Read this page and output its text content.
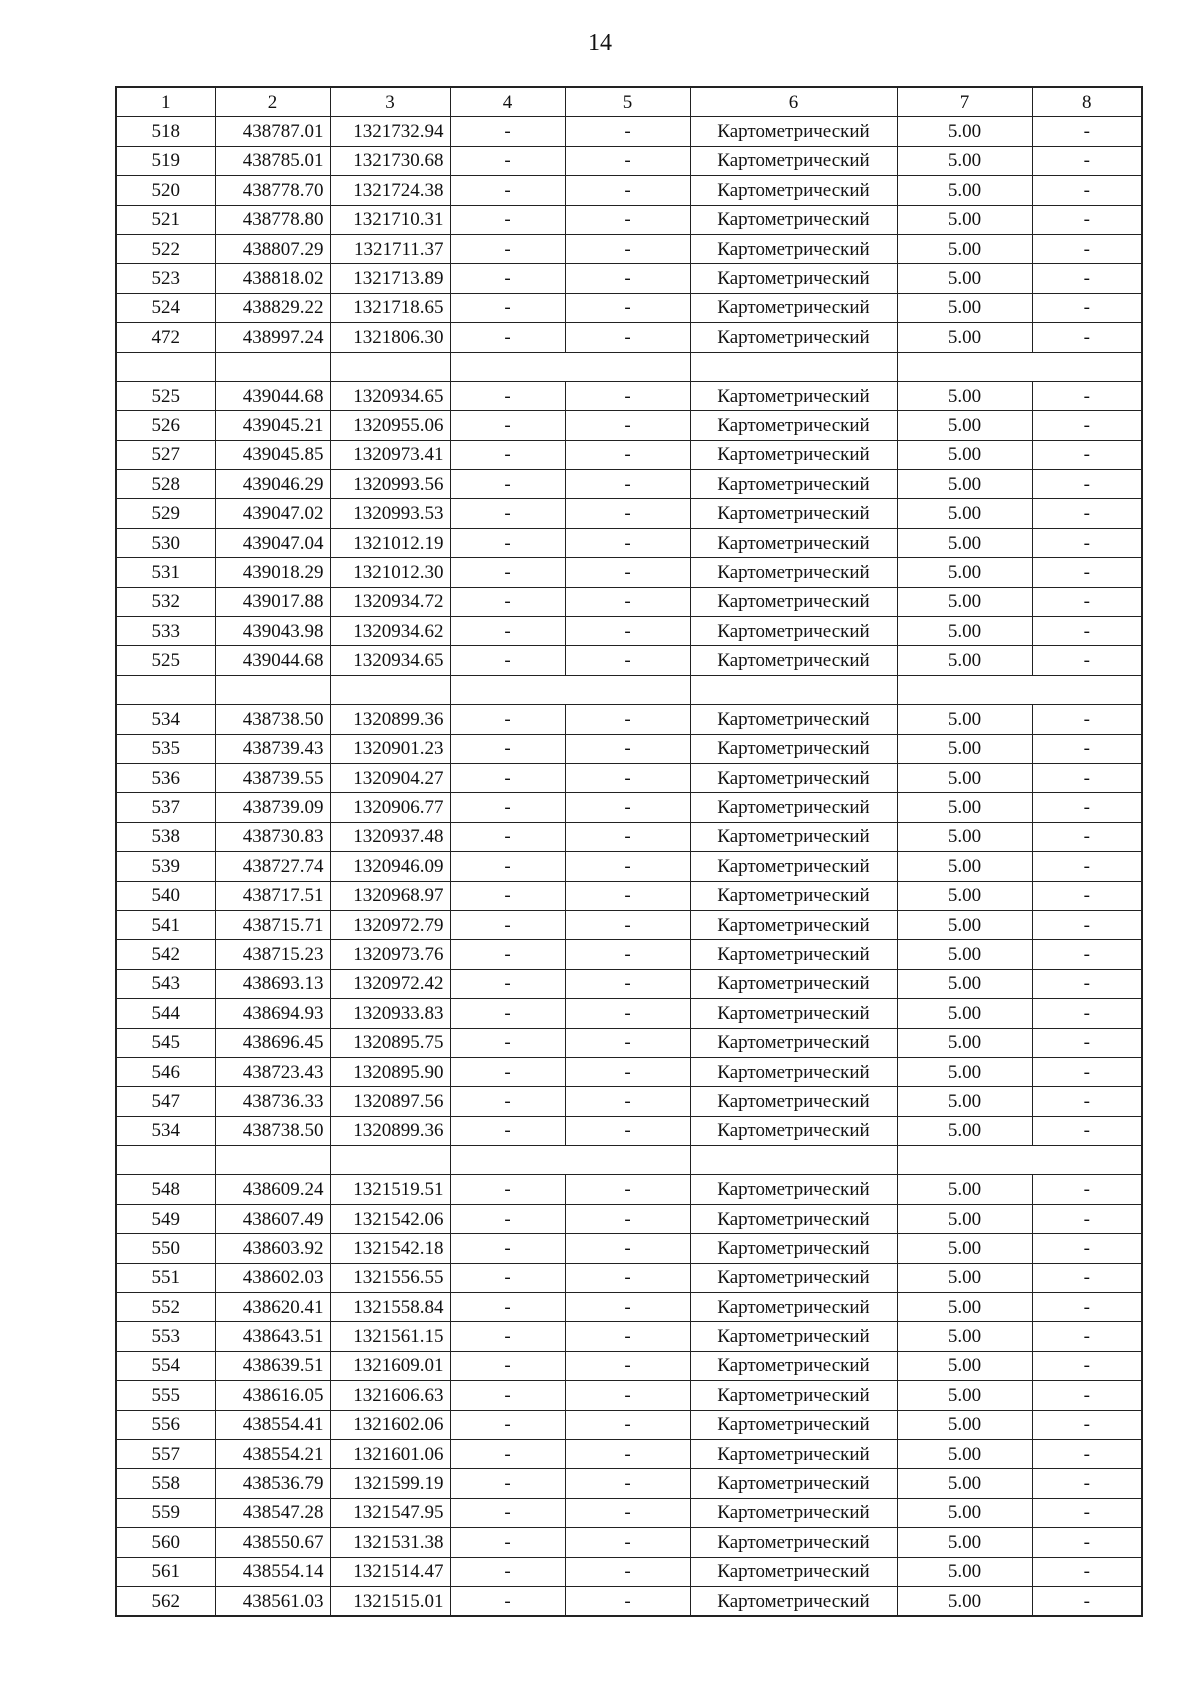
14
1	2	3	4	5	6	7	8
518	438787.01	1321732.94	-	-	Картометрический	5.00	-
519	438785.01	1321730.68	-	-	Картометрический	5.00	-
520	438778.70	1321724.38	-	-	Картометрический	5.00	-
521	438778.80	1321710.31	-	-	Картометрический	5.00	-
522	438807.29	1321711.37	-	-	Картометрический	5.00	-
523	438818.02	1321713.89	-	-	Картометрический	5.00	-
524	438829.22	1321718.65	-	-	Картометрический	5.00	-
472	438997.24	1321806.30	-	-	Картометрический	5.00	-

525	439044.68	1320934.65	-	-	Картометрический	5.00	-
526	439045.21	1320955.06	-	-	Картометрический	5.00	-
527	439045.85	1320973.41	-	-	Картометрический	5.00	-
528	439046.29	1320993.56	-	-	Картометрический	5.00	-
529	439047.02	1320993.53	-	-	Картометрический	5.00	-
530	439047.04	1321012.19	-	-	Картометрический	5.00	-
531	439018.29	1321012.30	-	-	Картометрический	5.00	-
532	439017.88	1320934.72	-	-	Картометрический	5.00	-
533	439043.98	1320934.62	-	-	Картометрический	5.00	-
525	439044.68	1320934.65	-	-	Картометрический	5.00	-

534	438738.50	1320899.36	-	-	Картометрический	5.00	-
535	438739.43	1320901.23	-	-	Картометрический	5.00	-
536	438739.55	1320904.27	-	-	Картометрический	5.00	-
537	438739.09	1320906.77	-	-	Картометрический	5.00	-
538	438730.83	1320937.48	-	-	Картометрический	5.00	-
539	438727.74	1320946.09	-	-	Картометрический	5.00	-
540	438717.51	1320968.97	-	-	Картометрический	5.00	-
541	438715.71	1320972.79	-	-	Картометрический	5.00	-
542	438715.23	1320973.76	-	-	Картометрический	5.00	-
543	438693.13	1320972.42	-	-	Картометрический	5.00	-
544	438694.93	1320933.83	-	-	Картометрический	5.00	-
545	438696.45	1320895.75	-	-	Картометрический	5.00	-
546	438723.43	1320895.90	-	-	Картометрический	5.00	-
547	438736.33	1320897.56	-	-	Картометрический	5.00	-
534	438738.50	1320899.36	-	-	Картометрический	5.00	-

548	438609.24	1321519.51	-	-	Картометрический	5.00	-
549	438607.49	1321542.06	-	-	Картометрический	5.00	-
550	438603.92	1321542.18	-	-	Картометрический	5.00	-
551	438602.03	1321556.55	-	-	Картометрический	5.00	-
552	438620.41	1321558.84	-	-	Картометрический	5.00	-
553	438643.51	1321561.15	-	-	Картометрический	5.00	-
554	438639.51	1321609.01	-	-	Картометрический	5.00	-
555	438616.05	1321606.63	-	-	Картометрический	5.00	-
556	438554.41	1321602.06	-	-	Картометрический	5.00	-
557	438554.21	1321601.06	-	-	Картометрический	5.00	-
558	438536.79	1321599.19	-	-	Картометрический	5.00	-
559	438547.28	1321547.95	-	-	Картометрический	5.00	-
560	438550.67	1321531.38	-	-	Картометрический	5.00	-
561	438554.14	1321514.47	-	-	Картометрический	5.00	-
562	438561.03	1321515.01	-	-	Картометрический	5.00	-
